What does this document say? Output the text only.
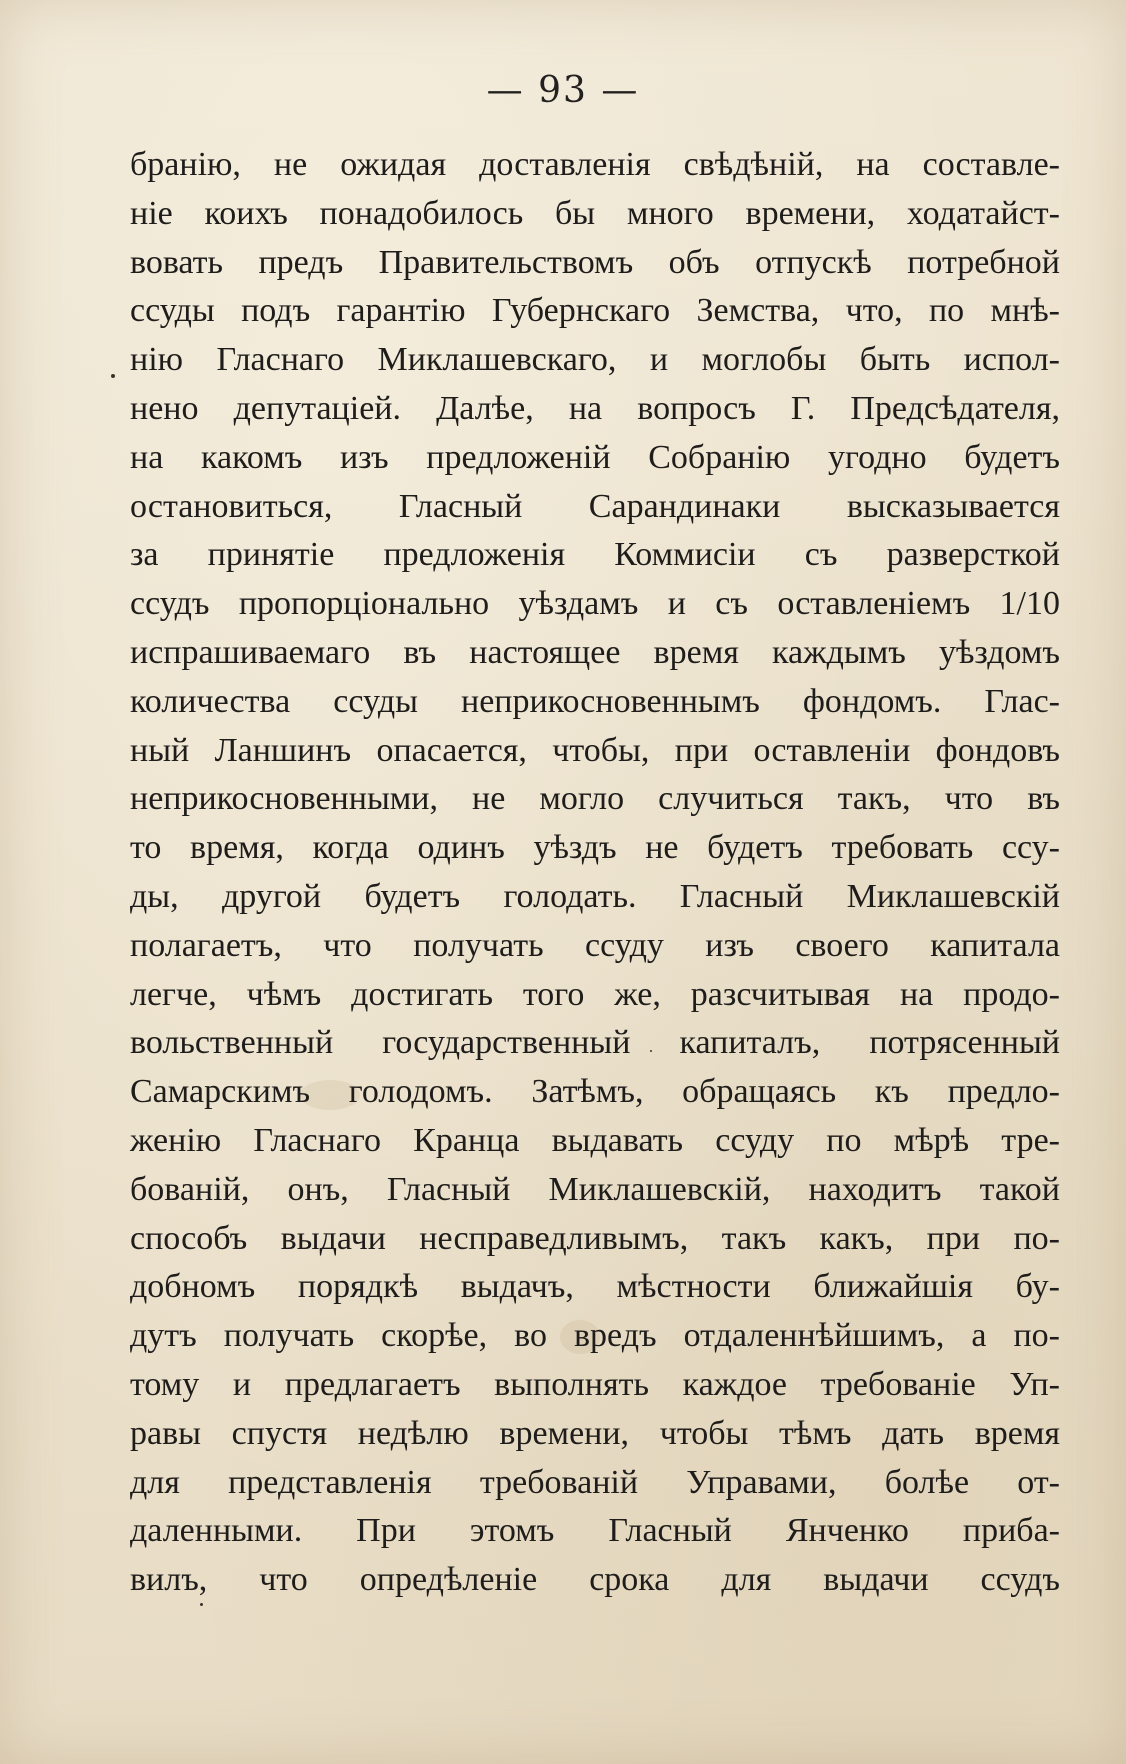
— 93 —
бранію, не ожидая доставленія свѣдѣній, на составле-
ніе коихъ понадобилось бы много времени, ходатайст-
вовать предъ Правительствомъ объ отпускѣ потребной
ссуды подъ гарантію Губернскаго Земства, что, по мнѣ-
нію Гласнаго Миклашевскаго, и моглобы быть испол-
нено депутаціей. Далѣе, на вопросъ Г. Предсѣдателя,
на какомъ изъ предложеній Собранію угодно будетъ
остановиться, Гласный Сарандинаки высказывается
за принятіе предложенія Коммисіи съ разверсткой
ссудъ пропорціонально уѣздамъ и съ оставленіемъ 1/10
испрашиваемаго въ настоящее время каждымъ уѣздомъ
количества ссуды неприкосновеннымъ фондомъ. Глас-
ный Ланшинъ опасается, чтобы, при оставленіи фондовъ
неприкосновенными, не могло случиться такъ, что въ
то время, когда одинъ уѣздъ не будетъ требовать ссу-
ды, другой будетъ голодать. Гласный Миклашевскій
полагаетъ, что получать ссуду изъ своего капитала
легче, чѣмъ достигать того же, разсчитывая на продо-
вольственный государственный капиталъ, потрясенный
Самарскимъ голодомъ. Затѣмъ, обращаясь къ предло-
женію Гласнаго Кранца выдавать ссуду по мѣрѣ тре-
бованій, онъ, Гласный Миклашевскій, находитъ такой
способъ выдачи несправедливымъ, такъ какъ, при по-
добномъ порядкѣ выдачъ, мѣстности ближайшія бу-
дутъ получать скорѣе, во вредъ отдаленнѣйшимъ, а по-
тому и предлагаетъ выполнять каждое требованіе Уп-
равы спустя недѣлю времени, чтобы тѣмъ дать время
для представленія требованій Управами, болѣе от-
даленными. При этомъ Гласный Янченко приба-
вилъ, что опредѣленіе срока для выдачи ссудъ
